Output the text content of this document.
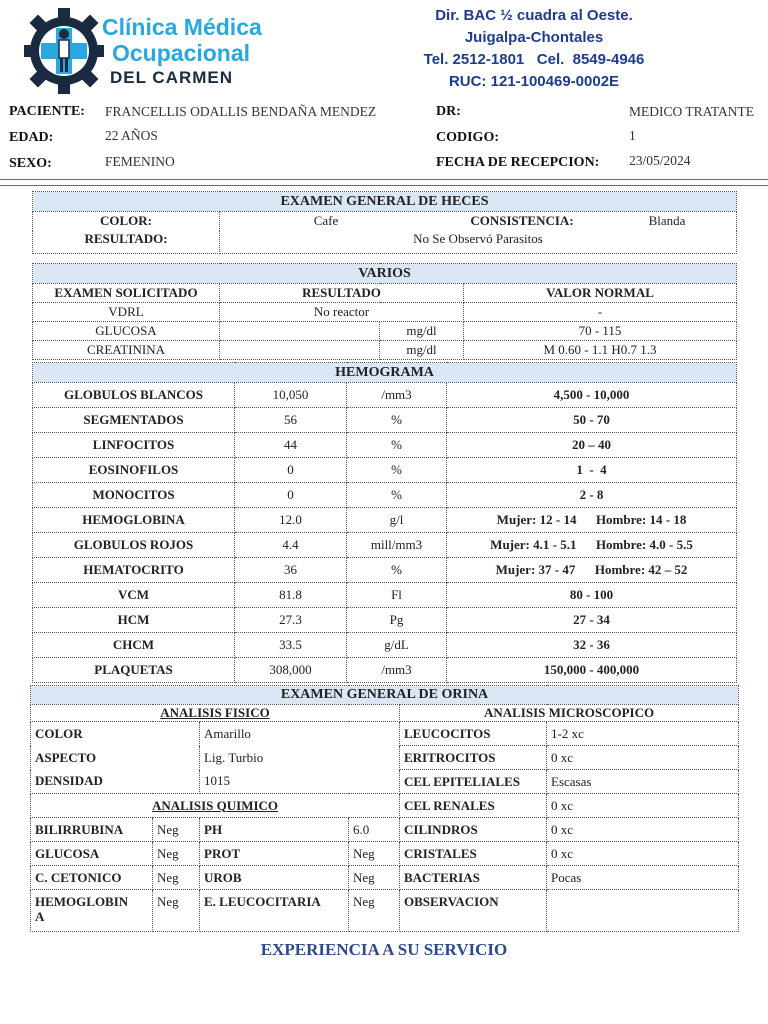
Clínica Médica
Ocupacional
DEL CARMEN
Dir. BAC ½ cuadra al Oeste.
Juigalpa-Chontales
Tel. 2512-1801   Cel.  8549-4946
RUC: 121-100469-0002E
PACIENTE: FRANCELLIS ODALLIS BENDAÑA MENDEZ
EDAD:	22 AÑOS
SEXO:	FEMENINO
DR:	MEDICO TRATANTE
CODIGO:	1
FECHA DE RECEPCION: 23/05/2024
EXAMEN GENERAL DE HECES	
COLOR:	Cafe CONSISTENCIA: Blanda
RESULTADO:	No Se Observó Parasitos
VARIOS			
EXAMEN SOLICITADO	RESULTADO		VALOR NORMAL
VDRL	No reactor		-
GLUCOSA		mg/dl	70 - 115
CREATININA		mg/dl	M 0.60 - 1.1 H0.7 1.3
HEMOGRAMA			
GLOBULOS BLANCOS	10,050	/mm3	4,500 - 10,000
SEGMENTADOS	56	%	50 - 70
LINFOCITOS	44	%	20 – 40
EOSINOFILOS	0	%	1  -  4
MONOCITOS	0	%	2 - 8
HEMOGLOBINA	12.0	g/l	Mujer: 12 - 14      Hombre: 14 - 18
GLOBULOS ROJOS	4.4	mill/mm3	Mujer: 4.1 - 5.1      Hombre: 4.0 - 5.5
HEMATOCRITO	36	%	Mujer: 37 - 47      Hombre: 42 – 52
VCM	81.8	Fl	80 - 100
HCM	27.3	Pg	27 - 34
CHCM	33.5	g/dL	32 - 36
PLAQUETAS	308,000	/mm3	150,000 - 400,000
EXAMEN GENERAL DE ORINA					
ANALISIS FISICO				ANALISIS MICROSCOPICO	
COLOR		Amarillo		LEUCOCITOS	1-2 xc
ASPECTO		Lig. Turbio		ERITROCITOS	0 xc
DENSIDAD		1015		CEL EPITELIALES	Escasas
ANALISIS QUIMICO				CEL RENALES	0 xc
BILIRRUBINA	Neg	PH	6.0	CILINDROS	0 xc
GLUCOSA	Neg	PROT	Neg	CRISTALES	0 xc
C. CETONICO	Neg	UROB	Neg	BACTERIAS	Pocas
HEMOGLOBIN
A	Neg	E. LEUCOCITARIA	Neg	OBSERVACION	
EXPERIENCIA A SU SERVICIO
